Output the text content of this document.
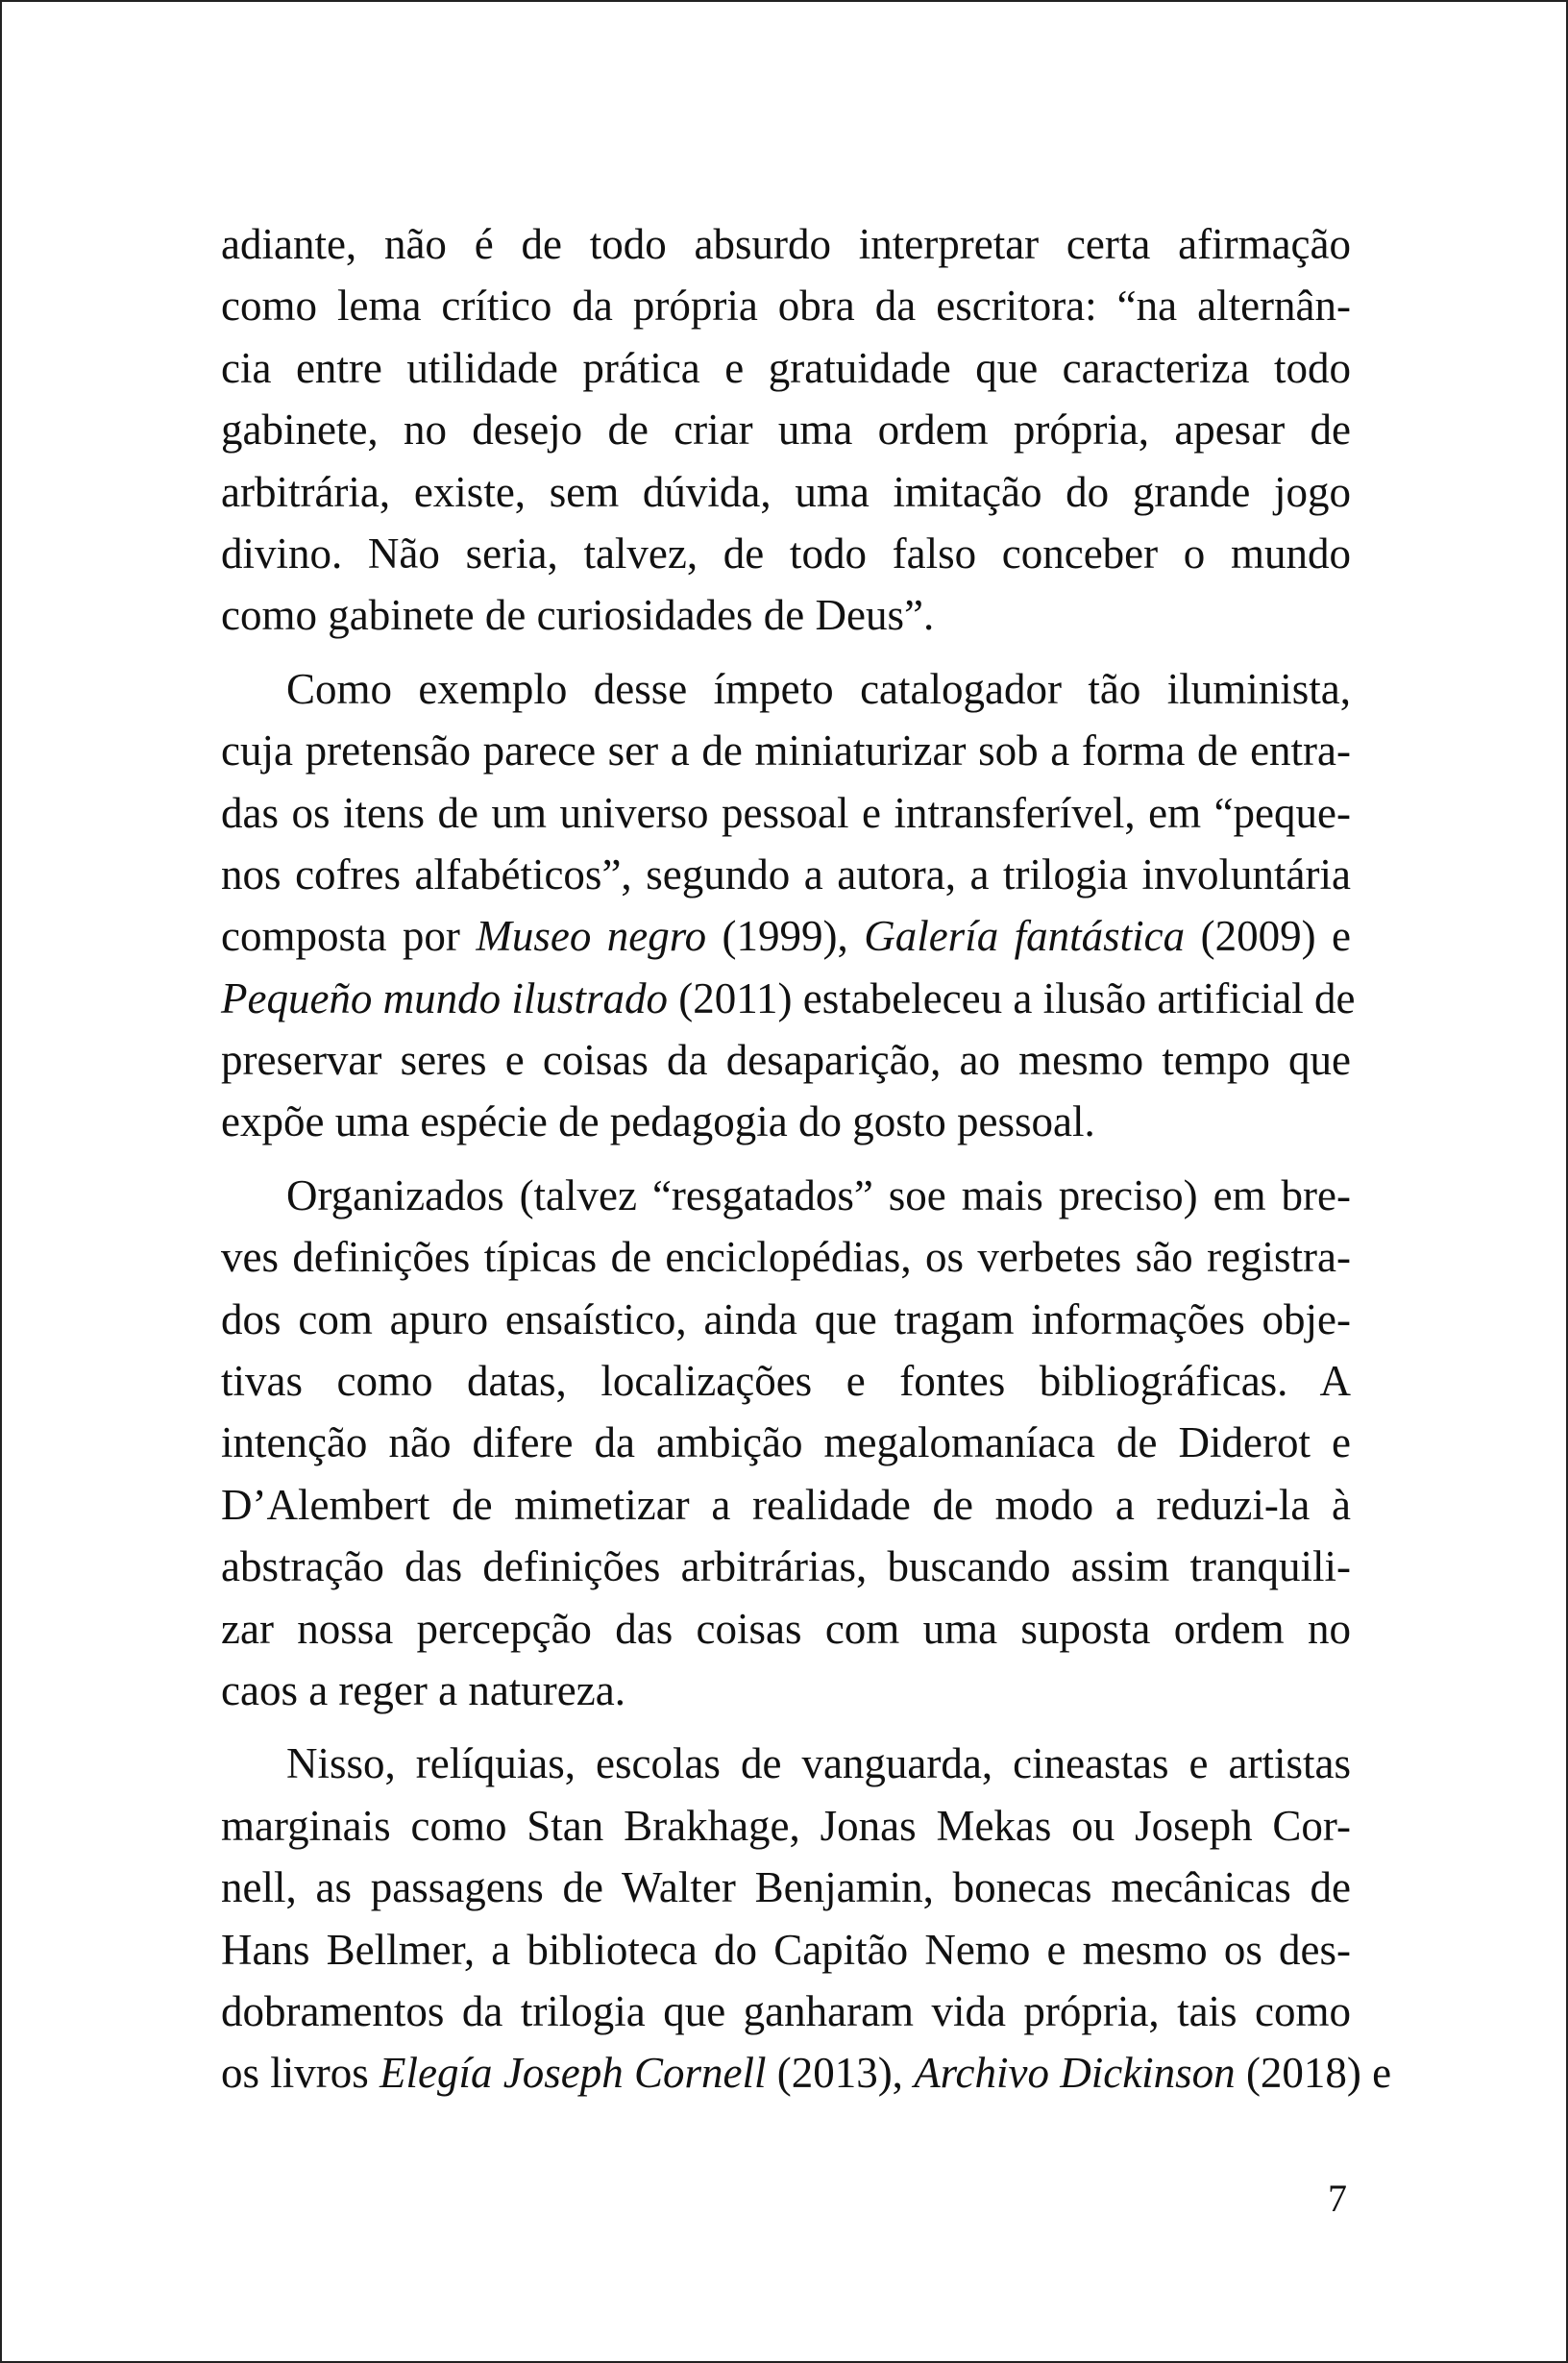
adiante, não é de todo absurdo interpretar certa afirmação
como lema crítico da própria obra da escritora: “na alternân-
cia entre utilidade prática e gratuidade que caracteriza todo
gabinete, no desejo de criar uma ordem própria, apesar de
arbitrária, existe, sem dúvida, uma imitação do grande jogo
divino. Não seria, talvez, de todo falso conceber o mundo
como gabinete de curiosidades de Deus”.
Como exemplo desse ímpeto catalogador tão iluminista,
cuja pretensão parece ser a de miniaturizar sob a forma de entra-
das os itens de um universo pessoal e intransferível, em “peque-
nos cofres alfabéticos”, segundo a autora, a trilogia involuntária
composta por Museo negro (1999), Galería fantástica (2009) e
Pequeño mundo ilustrado (2011) estabeleceu a ilusão artificial de
preservar seres e coisas da desaparição, ao mesmo tempo que
expõe uma espécie de pedagogia do gosto pessoal.
Organizados (talvez “resgatados” soe mais preciso) em bre-
ves definições típicas de enciclopédias, os verbetes são registra-
dos com apuro ensaístico, ainda que tragam informações obje-
tivas como datas, localizações e fontes bibliográficas. A
intenção não difere da ambição megalomaníaca de Diderot e
D’Alembert de mimetizar a realidade de modo a reduzi-la à
abstração das definições arbitrárias, buscando assim tranquili-
zar nossa percepção das coisas com uma suposta ordem no
caos a reger a natureza.
Nisso, relíquias, escolas de vanguarda, cineastas e artistas
marginais como Stan Brakhage, Jonas Mekas ou Joseph Cor-
nell, as passagens de Walter Benjamin, bonecas mecânicas de
Hans Bellmer, a biblioteca do Capitão Nemo e mesmo os des-
dobramentos da trilogia que ganharam vida própria, tais como
os livros Elegía Joseph Cornell (2013), Archivo Dickinson (2018) e
7
